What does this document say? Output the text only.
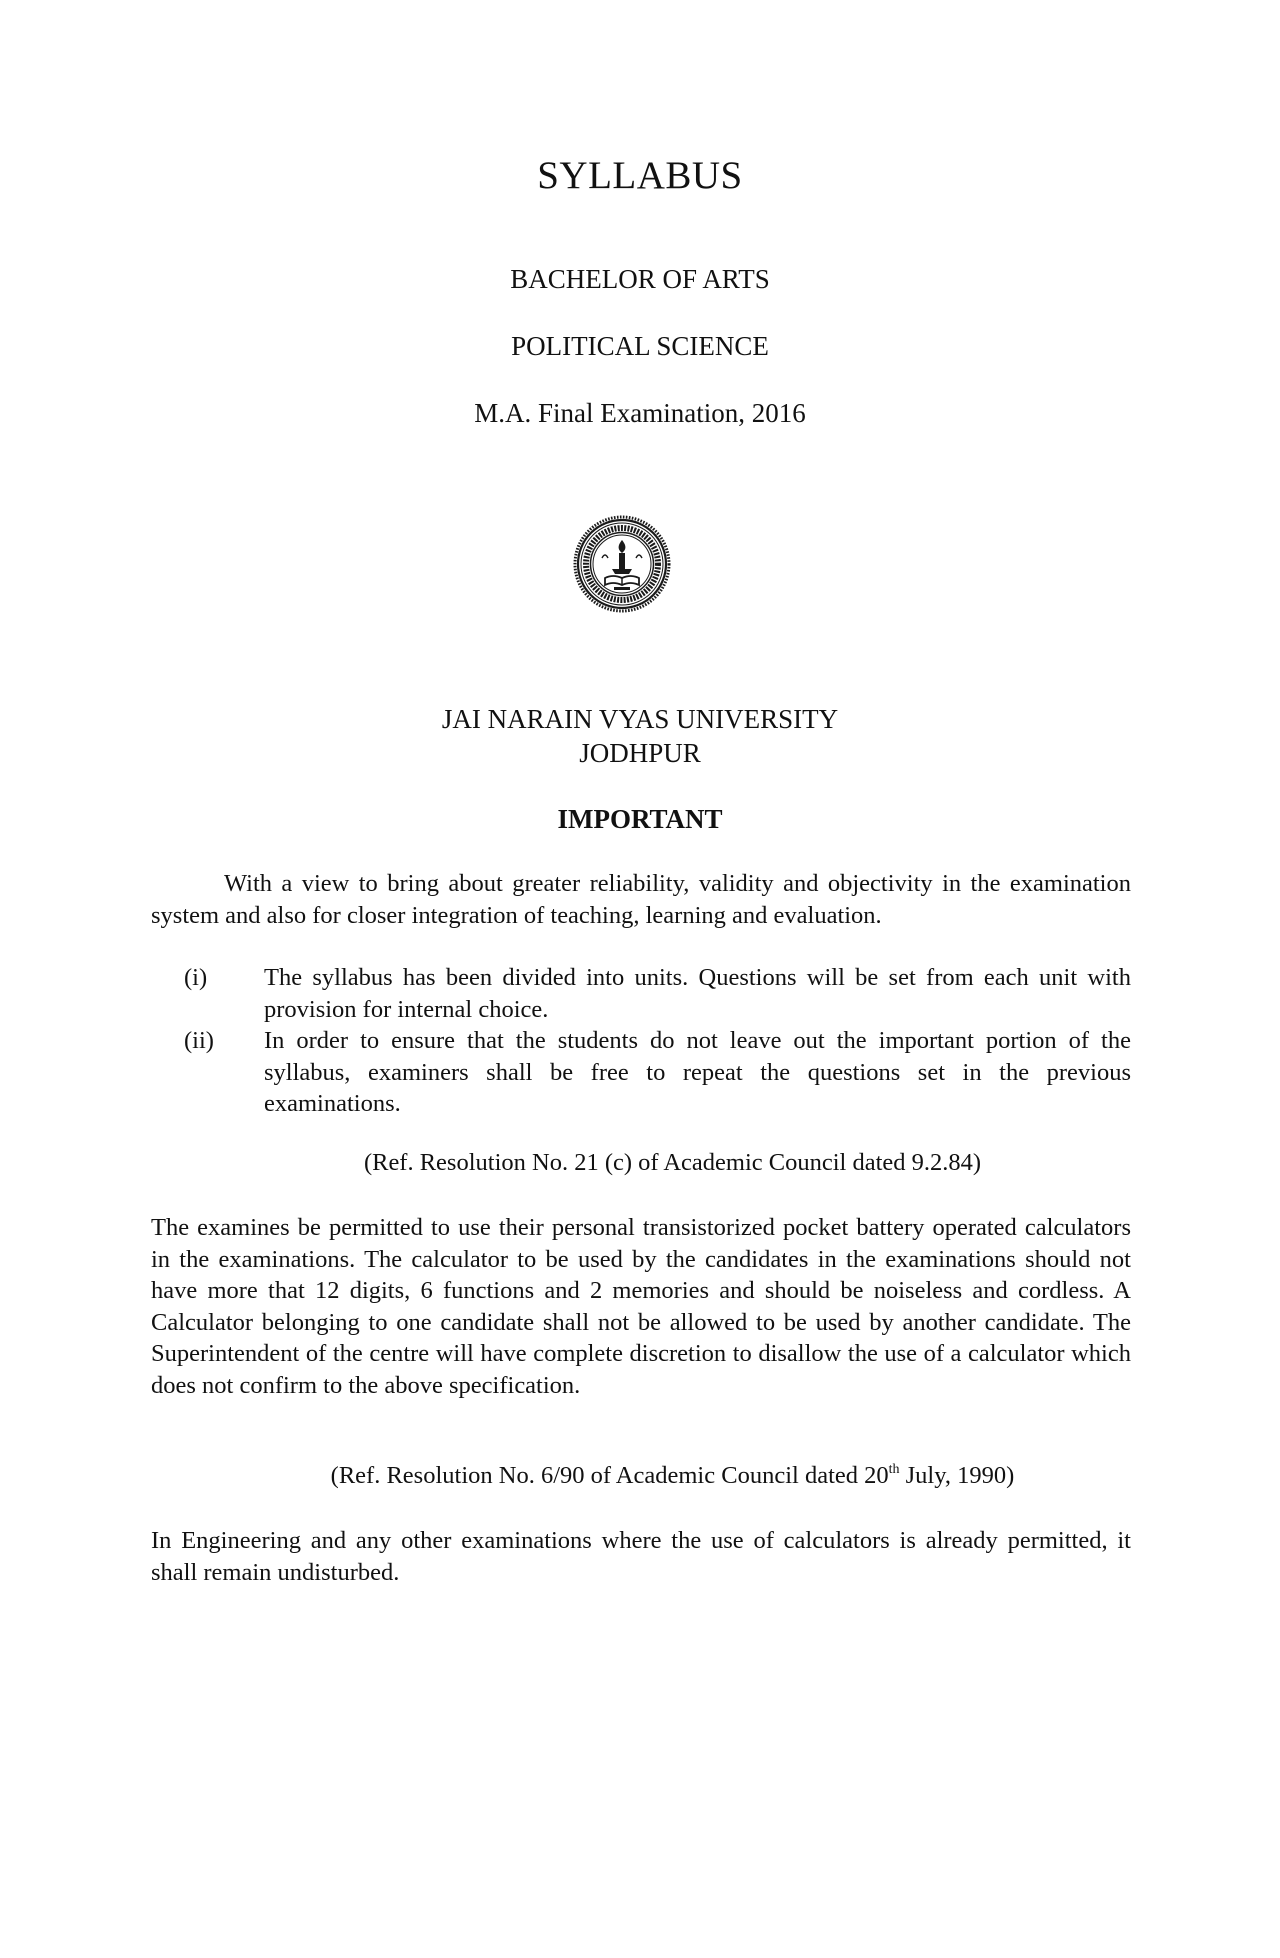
SYLLABUS
BACHELOR OF ARTS
POLITICAL SCIENCE
M.A. Final Examination, 2016
JAI NARAIN VYAS UNIVERSITY
JODHPUR
IMPORTANT
With a view to bring about greater reliability, validity and objectivity in the examination system and also for closer integration of teaching, learning and evaluation.
(i)	The syllabus has been divided into units. Questions will be set from each unit with provision for internal choice.
(ii)	In order to ensure that the students do not leave out the important portion of the syllabus, examiners shall be free to repeat the questions set in the previous examinations.
(Ref. Resolution No. 21 (c) of Academic Council dated 9.2.84)
The examines be permitted to use their personal transistorized pocket battery operated calculators in the examinations. The calculator to be used by the candidates in the examinations should not have more that 12 digits, 6 functions and 2 memories and should be noiseless and cordless. A Calculator belonging to one candidate shall not be allowed to be used by another candidate. The Superintendent of the centre will have complete discretion to disallow the use of a calculator which does not confirm to the above specification.
(Ref. Resolution No. 6/90 of Academic Council dated 20th July, 1990)
In Engineering and any other examinations where the use of calculators is already permitted, it shall remain undisturbed.
